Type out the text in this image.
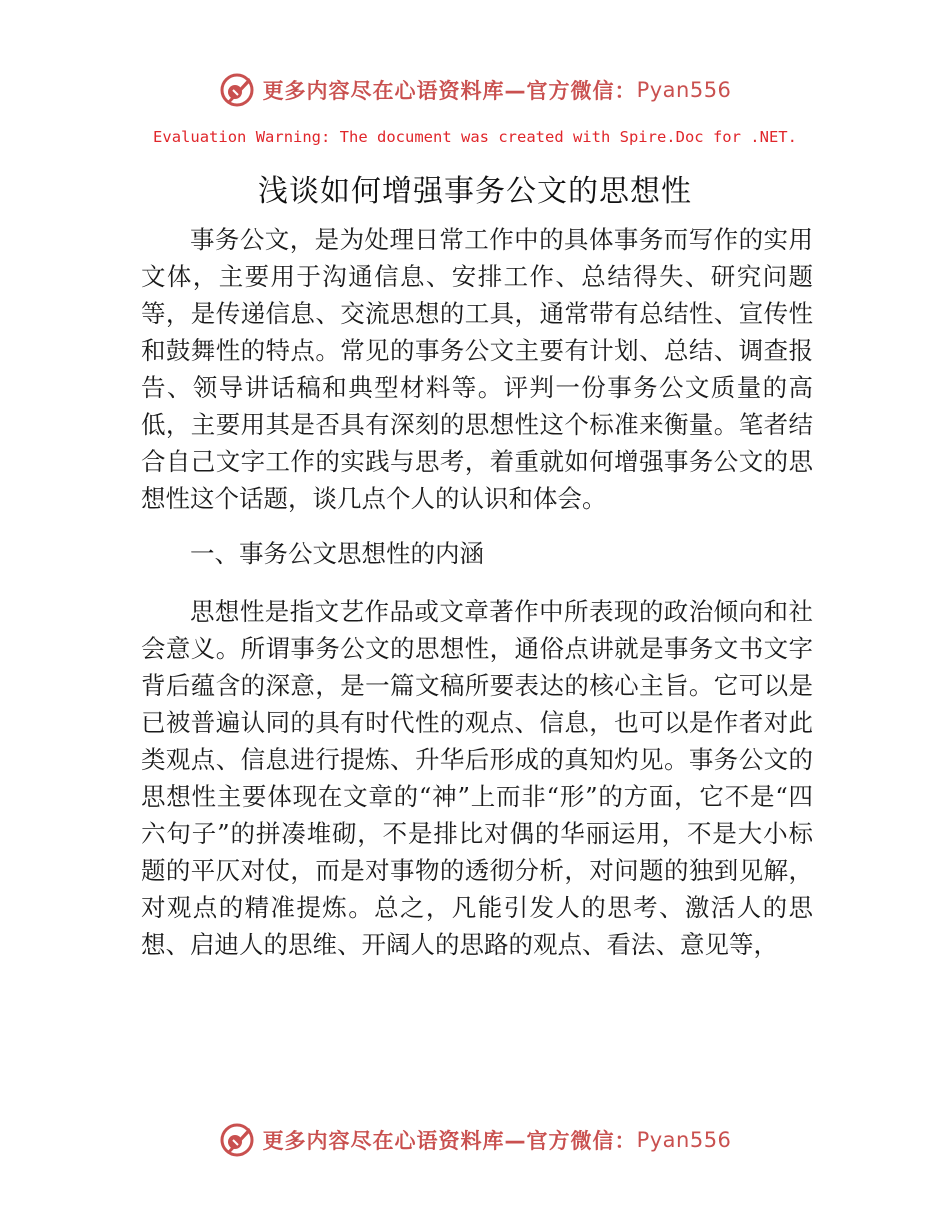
更多内容尽在心语资料库—官方微信： Pyan556
Evaluation Warning: The document was created with Spire.Doc for .NET.
浅谈如何增强事务公文的思想性

事务公文，是为处理日常工作中的具体事务而写作的实用文体，主要用于沟通信息、安排工作、总结得失、研究问题等，是传递信息、交流思想的工具，通常带有总结性、宣传性和鼓舞性的特点。常见的事务公文主要有计划、总结、调查报告、领导讲话稿和典型材料等。评判一份事务公文质量的高低，主要用其是否具有深刻的思想性这个标准来衡量。笔者结合自己文字工作的实践与思考，着重就如何增强事务公文的思想性这个话题，谈几点个人的认识和体会。

一、事务公文思想性的内涵

思想性是指文艺作品或文章著作中所表现的政治倾向和社会意义。所谓事务公文的思想性，通俗点讲就是事务文书文字背后蕴含的深意，是一篇文稿所要表达的核心主旨。它可以是已被普遍认同的具有时代性的观点、信息，也可以是作者对此类观点、信息进行提炼、升华后形成的真知灼见。事务公文的思想性主要体现在文章的“神”上而非“形”的方面，它不是“四六句子”的拼凑堆砌，不是排比对偶的华丽运用，不是大小标题的平仄对仗，而是对事物的透彻分析，对问题的独到见解，对观点的精准提炼。总之，凡能引发人的思考、激活人的思想、启迪人的思维、开阔人的思路的观点、看法、意见等，

更多内容尽在心语资料库—官方微信： Pyan556
